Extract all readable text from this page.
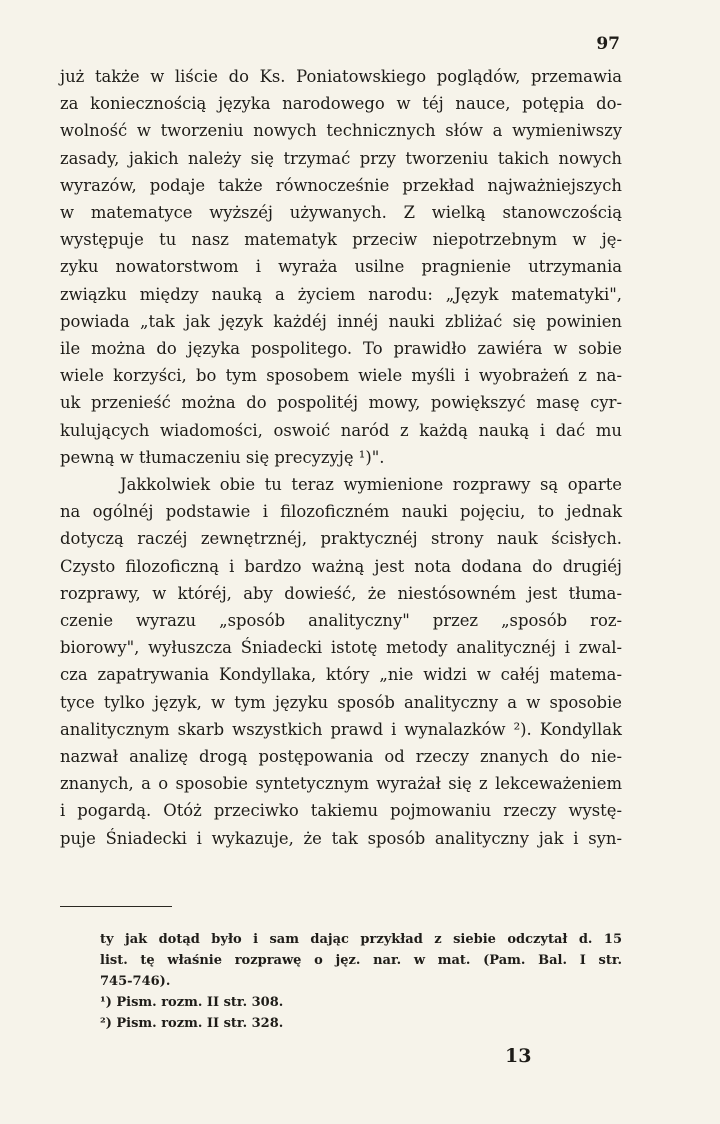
97
już także w liście do Ks. Poniatowskiego poglądów, przemawia
za koniecznością języka narodowego w téj nauce, potępia do-
wolność w tworzeniu nowych technicznych słów a wymieniwszy
zasady, jakich należy się trzymać przy tworzeniu takich nowych
wyrazów, podaje także równocześnie przekład najważniejszych
w matematyce wyższéj używanych. Z wielką stanowczością
występuje tu nasz matematyk przeciw niepotrzebnym w ję-
zyku nowatorstwom i wyraża usilne pragnienie utrzymania
związku między nauką a życiem narodu: „Język matematyki",
powiada „tak jak język każdéj innéj nauki zbliżać się powinien
ile można do języka pospolitego. To prawidło zawiéra w sobie
wiele korzyści, bo tym sposobem wiele myśli i wyobrażeń z na-
uk przenieść można do pospolitéj mowy, powiększyć masę cyr-
kulujących wiadomości, oswoić naród z każdą nauką i dać mu
pewną w tłumaczeniu się precyzyję ¹)".
Jakkolwiek obie tu teraz wymienione rozprawy są oparte
na ogólnéj podstawie i filozoficzném nauki pojęciu, to jednak
dotyczą raczéj zewnętrznéj, praktycznéj strony nauk ścisłych.
Czysto filozoficzną i bardzo ważną jest nota dodana do drugiéj
rozprawy, w któréj, aby dowieść, że niestósowném jest tłuma-
czenie wyrazu „sposób analityczny" przez „sposób roz-
biorowy", wyłuszcza Śniadecki istotę metody analitycznéj i zwal-
cza zapatrywania Kondyllaka, który „nie widzi w całéj matema-
tyce tylko język, w tym języku sposób analityczny a w sposobie
analitycznym skarb wszystkich prawd i wynalazków ²). Kondyllak
nazwał analizę drogą postępowania od rzeczy znanych do nie-
znanych, a o sposobie syntetycznym wyrażał się z lekceważeniem
i pogardą. Otóż przeciwko takiemu pojmowaniu rzeczy wystę-
puje Śniadecki i wykazuje, że tak sposób analityczny jak i syn-
ty jak dotąd było i sam dając przykład z siebie odczytał d. 15
list. tę właśnie rozprawę o jęz. nar. w mat. (Pam. Bal. I str.
745-746).
¹) Pism. rozm. II str. 308.
²) Pism. rozm. II str. 328.
13
